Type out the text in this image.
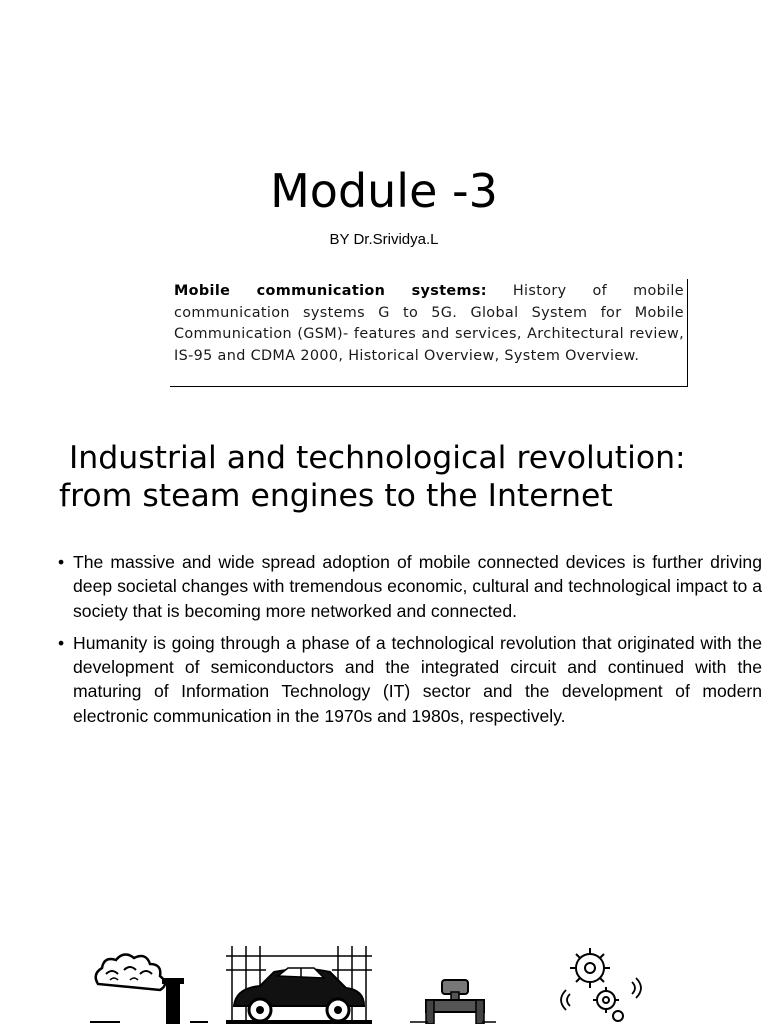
Module -3
BY Dr.Srividya.L
Mobile communication systems: History of mobile communication systems G to 5G. Global System for Mobile Communication (GSM)- features and services, Architectural review, IS-95 and CDMA 2000, Historical Overview, System Overview.
Industrial and technological revolution: from steam engines to the Internet
• The massive and wide spread adoption of mobile connected devices is further driving deep societal changes with tremendous economic, cultural and technological impact to a society that is becoming more networked and connected.
• Humanity is going through a phase of a technological revolution that originated with the development of semiconductors and the integrated circuit and continued with the maturing of Information Technology (IT) sector and the development of modern electronic communication in the 1970s and 1980s, respectively.
